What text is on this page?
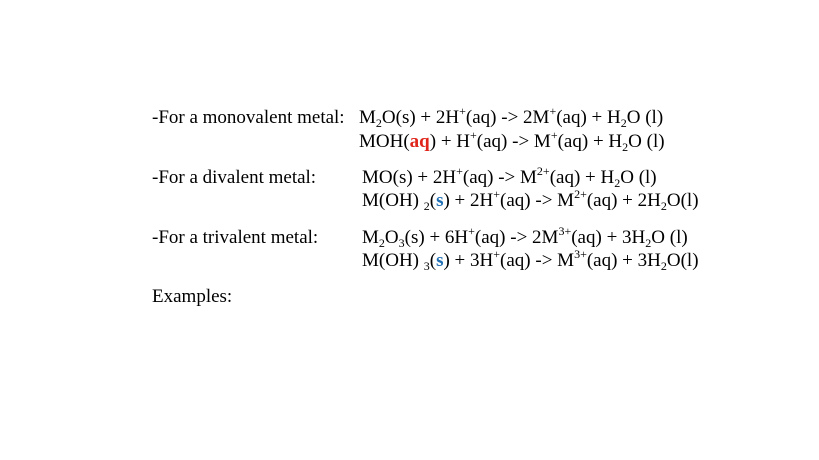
-For a monovalent metal: $M_2O(s) + 2H^+(aq) -> 2M^+(aq) + H_2O$ (l)
$MOH(aq) + H^+(aq) -> M^+(aq) + H_2O$ (l)
-For a divalent metal: $MO(s) + 2H^+(aq) -> M^{2+}(aq) + H_2O$ (l)
M(OH) $_2(s) + 2H^+(aq) -> M^{2+}(aq) + 2H_2O(l)$
-For a trivalent metal: $M_2O_3(s) + 6H^+(aq) -> 2M^{3+}(aq) + 3H_2O$ (l)
M(OH) $_3(s) + 3H^+(aq) -> M^{3+}(aq) + 3H_2O(l)$
Examples:
